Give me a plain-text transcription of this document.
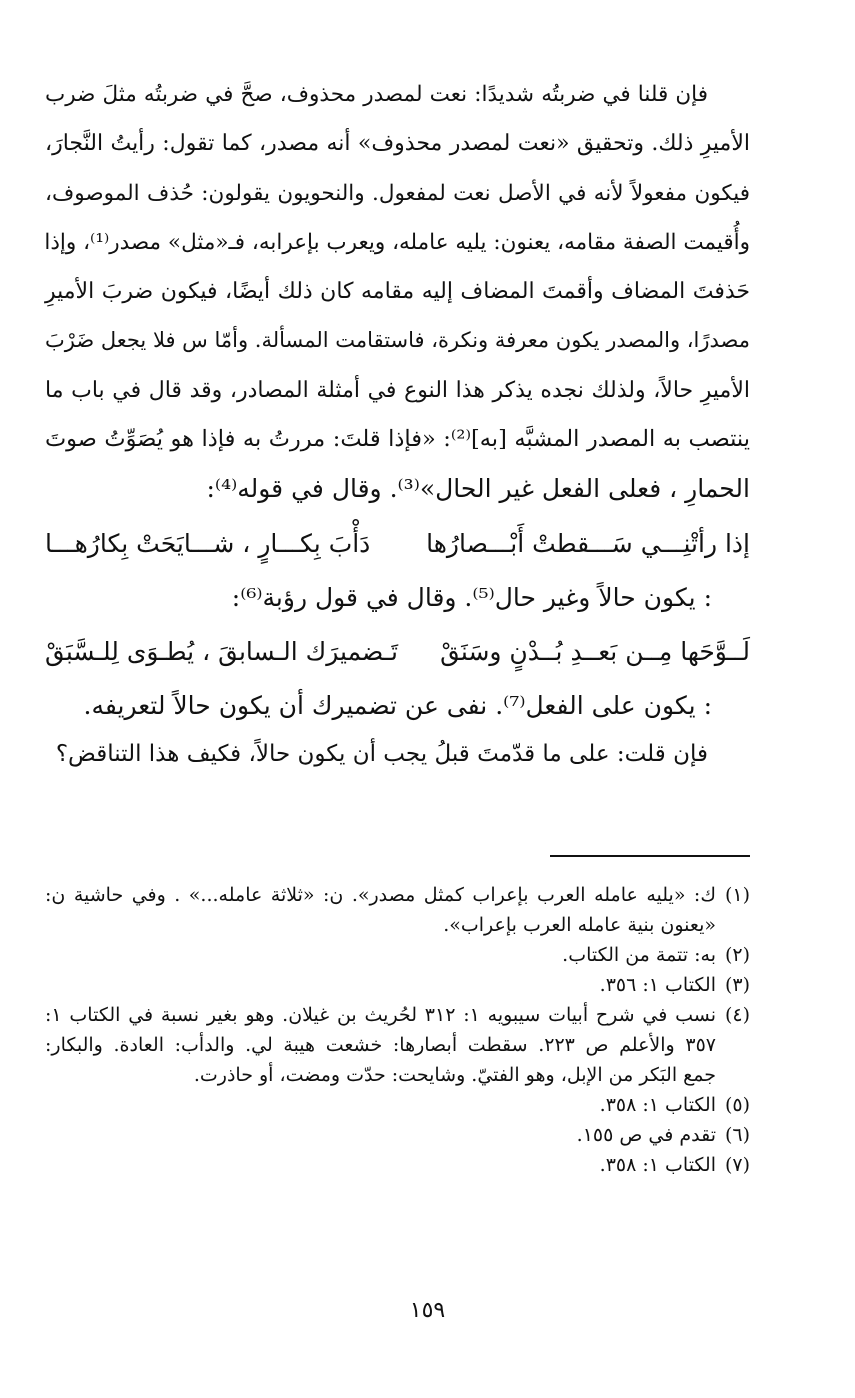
فإن قلنا في ضربتُه شديدًا: نعت لمصدر محذوف، صحَّ في ضربتُه مثلَ ضرب
الأميرِ ذلك. وتحقيق «نعت لمصدر محذوف» أنه مصدر، كما تقول: رأيتُ النَّجارَ،
فيكون مفعولاً لأنه في الأصل نعت لمفعول. والنحويون يقولون: حُذف الموصوف،
وأُقيمت الصفة مقامه، يعنون: يليه عامله، ويعرب بإعرابه، فـ«مثل» مصدر⁽¹⁾، وإذا
حَذفتَ المضاف وأقمتَ المضاف إليه مقامه كان ذلك أيضًا، فيكون ضربَ الأميرِ
مصدرًا، والمصدر يكون معرفة ونكرة، فاستقامت المسألة. وأمّا س فلا يجعل ضَرْبَ
الأميرِ حالاً، ولذلك نجده يذكر هذا النوع في أمثلة المصادر، وقد قال في باب ما
ينتصب به المصدر المشبَّه [به]⁽²⁾: «فإذا قلتَ: مررتُ به فإذا هو يُصَوِّتُ صوتَ
الحمارِ ، فعلى الفعل غير الحال»⁽³⁾. وقال في قوله⁽⁴⁾:
إذا رأتْنِـــي سَـــقطتْ أَبْـــصارُها
دَأْبَ بِكـــارٍ ، شـــايَحَتْ بِكارُهـــا
: يكون حالاً وغير حال⁽⁵⁾. وقال في قول رؤبة⁽⁶⁾:
لَــوَّحَها مِــن بَعــدِ بُــدْنٍ وسَنَقْ
تَـضميرَك الـسابقَ ، يُطـوَى لِلـسَّبَقْ
: يكون على الفعل⁽⁷⁾. نفى عن تضميرك أن يكون حالاً لتعريفه.
فإن قلت: على ما قدّمتَ قبلُ يجب أن يكون حالاً، فكيف هذا التناقض؟
(١)
ك: «يليه عامله العرب بإعراب كمثل مصدر». ن: «ثلاثة عامله...» . وفي حاشية ن:
«يعنون بنية عامله العرب بإعراب».
(٢)
به: تتمة من الكتاب.
(٣)
الكتاب ١: ٣٥٦.
(٤)
نسب في شرح أبيات سيبويه ١: ٣١٢ لحُريث بن غيلان. وهو بغير نسبة في الكتاب ١:
٣٥٧ والأعلم ص ٢٢٣. سقطت أبصارها: خشعت هيبة لي. والدأب: العادة. والبكار:
جمع البَكر من الإبل، وهو الفتيّ. وشايحت: حدّت ومضت، أو حاذرت.
(٥)
الكتاب ١: ٣٥٨.
(٦)
تقدم في ص ١٥٥.
(٧)
الكتاب ١: ٣٥٨.
١٥٩
